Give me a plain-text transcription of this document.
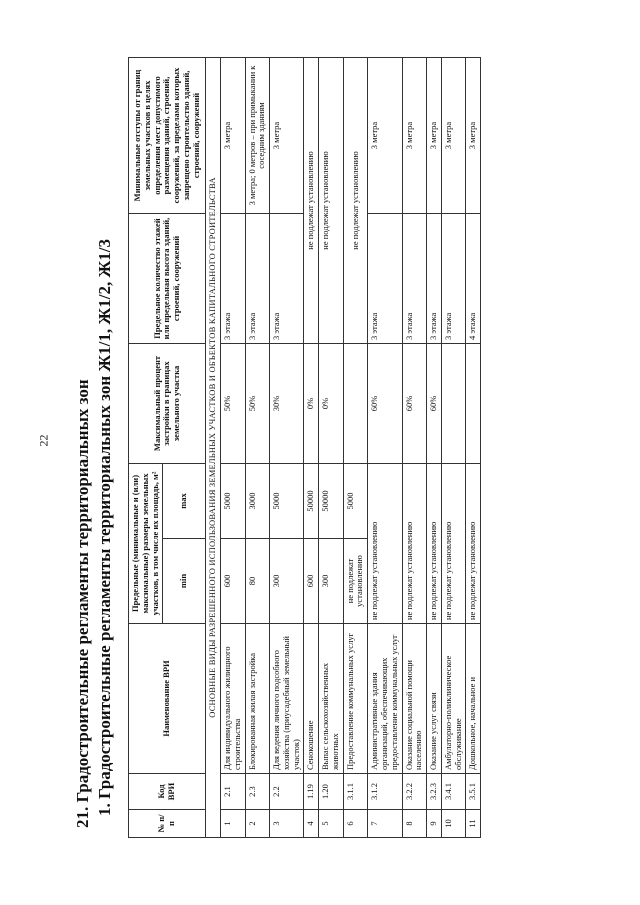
22 21. Градостроительные регламенты территориальных зон 1. Градостроительные регламенты территориальных зон Ж1/1, Ж1/2, Ж1/3
№ п/п	Код ВРИ	Наименование ВРИ	Предельные (минимальные и (или) максимальные) размеры земельных участков, в том числе их площадь, м²		Максимальный процент застройки в границах земельного участка	Предельное количество этажей или предельная высота зданий, строений, сооружений	Минимальные отступы от границ земельных участков в целях определения мест допустимого размещения зданий, строений, сооружений, за пределами которых запрещено строительство зданий, строений, сооружений
			min	max			
ОСНОВНЫЕ ВИДЫ РАЗРЕШЕННОГО ИСПОЛЬЗОВАНИЯ ЗЕМЕЛЬНЫХ УЧАСТКОВ И ОБЪЕКТОВ КАПИТАЛЬНОГО СТРОИТЕЛЬСТВА							
1	2.1	Для индивидуального жилищного строительства	600	5000	50%	3 этажа	3 метра
2	2.3	Блокированная жилая застройка	80	3000	50%	3 этажа	3 метра; 0 метров – при примыкании к соседним зданиям
3	2.2	Для ведения личного подсобного хозяйства (приусадебный земельный участок)	300	5000	30%	3 этажа	3 метра
4	1.19	Сенокошение	600	50000	0%	не подлежат установлению	
5	1.20	Выпас сельскохозяйственных животных	300	50000	0%	не подлежат установлению	
6	3.1.1	Предоставление коммунальных услуг	не подлежат установлению	5000		не подлежат установлению	
7	3.1.2	Административные здания организаций, обеспечивающих предоставление коммунальных услуг	не подлежат установлению		60%	3 этажа	3 метра
8	3.2.2	Оказание социальной помощи населению	не подлежат установлению		60%	3 этажа	3 метра
9	3.2.3	Оказание услуг связи	не подлежат установлению		60%	3 этажа	3 метра
10	3.4.1	Амбулаторно-поликлиническое обслуживание	не подлежат установлению			3 этажа	3 метра
11	3.5.1	Дошкольное, начальное и	не подлежат установлению			4 этажа	3 метра
